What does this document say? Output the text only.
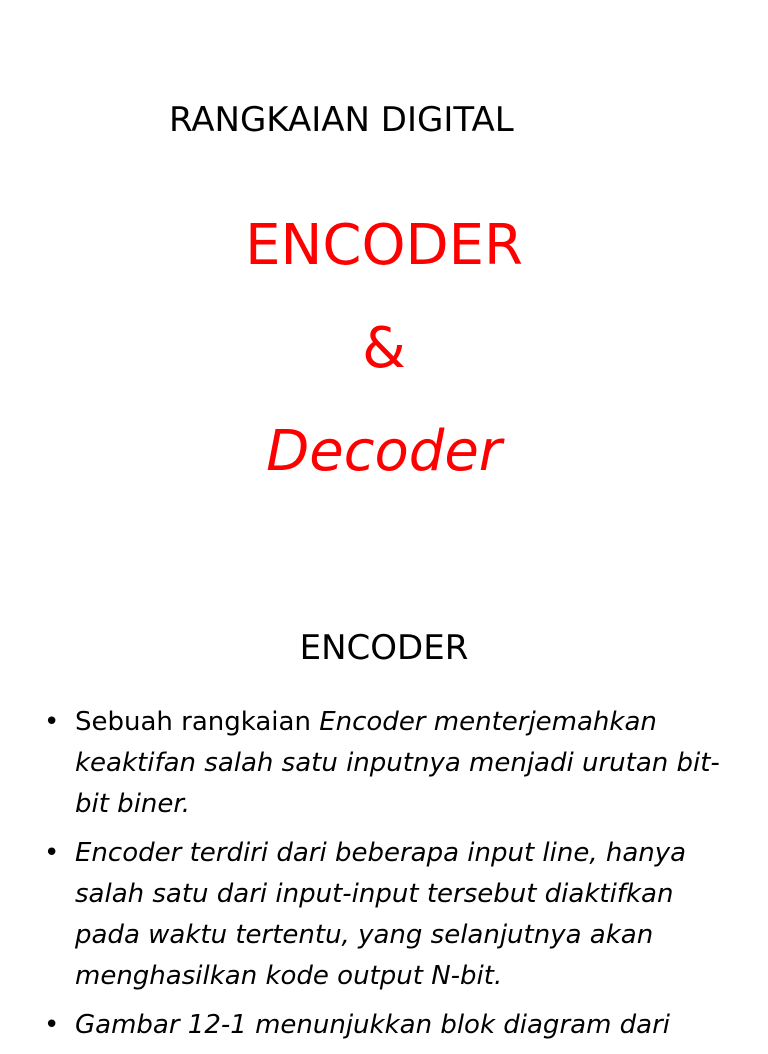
RANGKAIAN DIGITAL
ENCODER
&
Decoder
ENCODER
• Sebuah rangkaian Encoder menterjemahkan keaktifan salah satu inputnya menjadi urutan bit-bit biner.
• Encoder terdiri dari beberapa input line, hanya salah satu dari input-input tersebut diaktifkan pada waktu tertentu, yang selanjutnya akan menghasilkan kode output N-bit.
• Gambar 12-1 menunjukkan blok diagram dari
